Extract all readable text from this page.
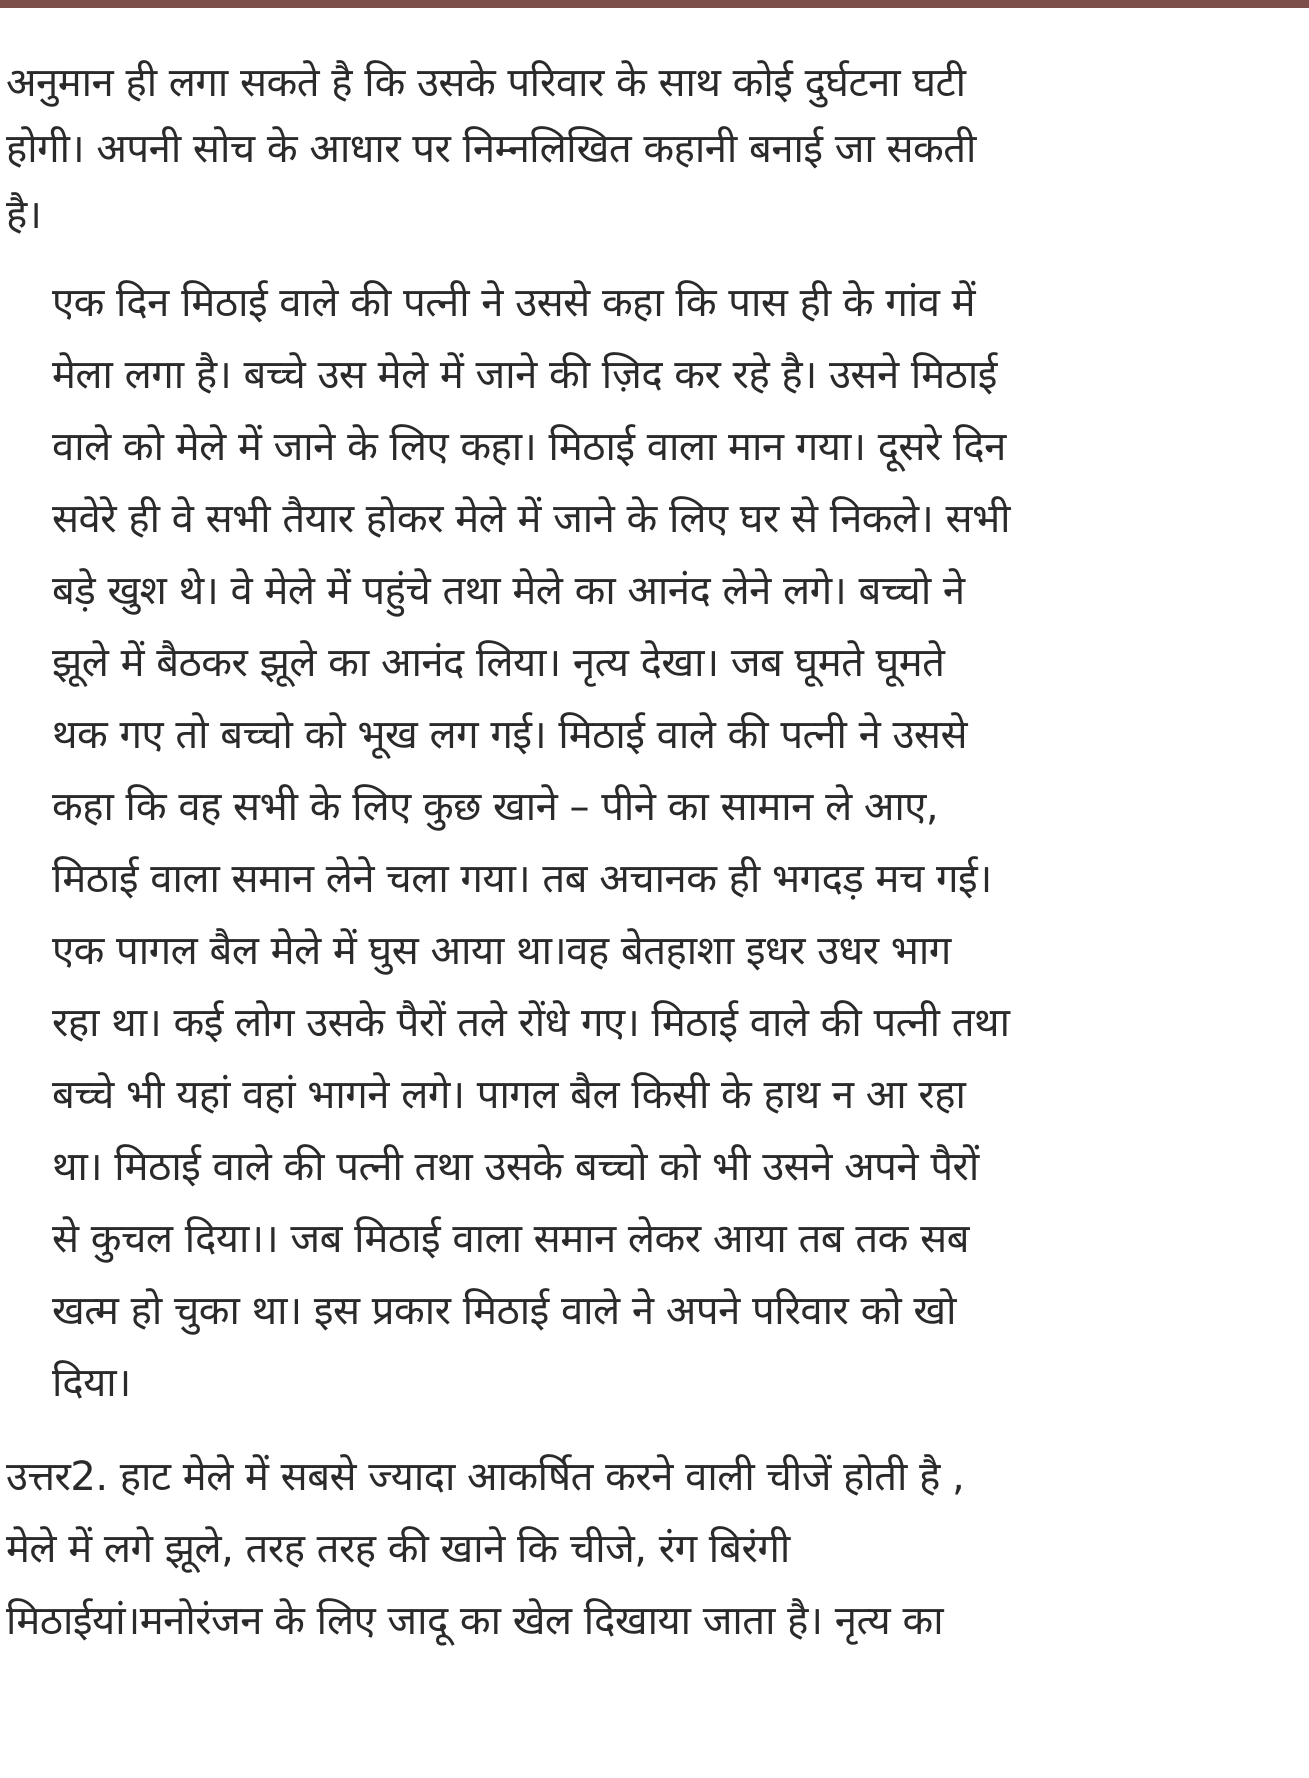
अनुमान ही लगा सकते है कि उसके परिवार के साथ कोई दुर्घटना घटी
होगी। अपनी सोच के आधार पर निम्नलिखित कहानी बनाई जा सकती
है।
एक दिन मिठाई वाले की पत्नी ने उससे कहा कि पास ही के गांव में
मेला लगा है। बच्चे उस मेले में जाने की ज़िद कर रहे है। उसने मिठाई
वाले को मेले में जाने के लिए कहा। मिठाई वाला मान गया। दूसरे दिन
सवेरे ही वे सभी तैयार होकर मेले में जाने के लिए घर से निकले। सभी
बड़े खुश थे। वे मेले में पहुंचे तथा मेले का आनंद लेने लगे। बच्चो ने
झूले में बैठकर झूले का आनंद लिया। नृत्य देखा। जब घूमते घूमते
थक गए तो बच्चो को भूख लग गई। मिठाई वाले की पत्नी ने उससे
कहा कि वह सभी के लिए कुछ खाने – पीने का सामान ले आए,
मिठाई वाला समान लेने चला गया। तब अचानक ही भगदड़ मच गई।
एक पागल बैल मेले में घुस आया था।वह बेतहाशा इधर उधर भाग
रहा था। कई लोग उसके पैरों तले रोंधे गए। मिठाई वाले की पत्नी तथा
बच्चे भी यहां वहां भागने लगे। पागल बैल किसी के हाथ न आ रहा
था। मिठाई वाले की पत्नी तथा उसके बच्चो को भी उसने अपने पैरों
से कुचल दिया।। जब मिठाई वाला समान लेकर आया तब तक सब
खत्म हो चुका था। इस प्रकार मिठाई वाले ने अपने परिवार को खो
दिया।
उत्तर2. हाट मेले में सबसे ज्यादा आकर्षित करने वाली चीजें होती है ,
मेले में लगे झूले, तरह तरह की खाने कि चीजे, रंग बिरंगी
मिठाईयां।मनोरंजन के लिए जादू का खेल दिखाया जाता है। नृत्य का
